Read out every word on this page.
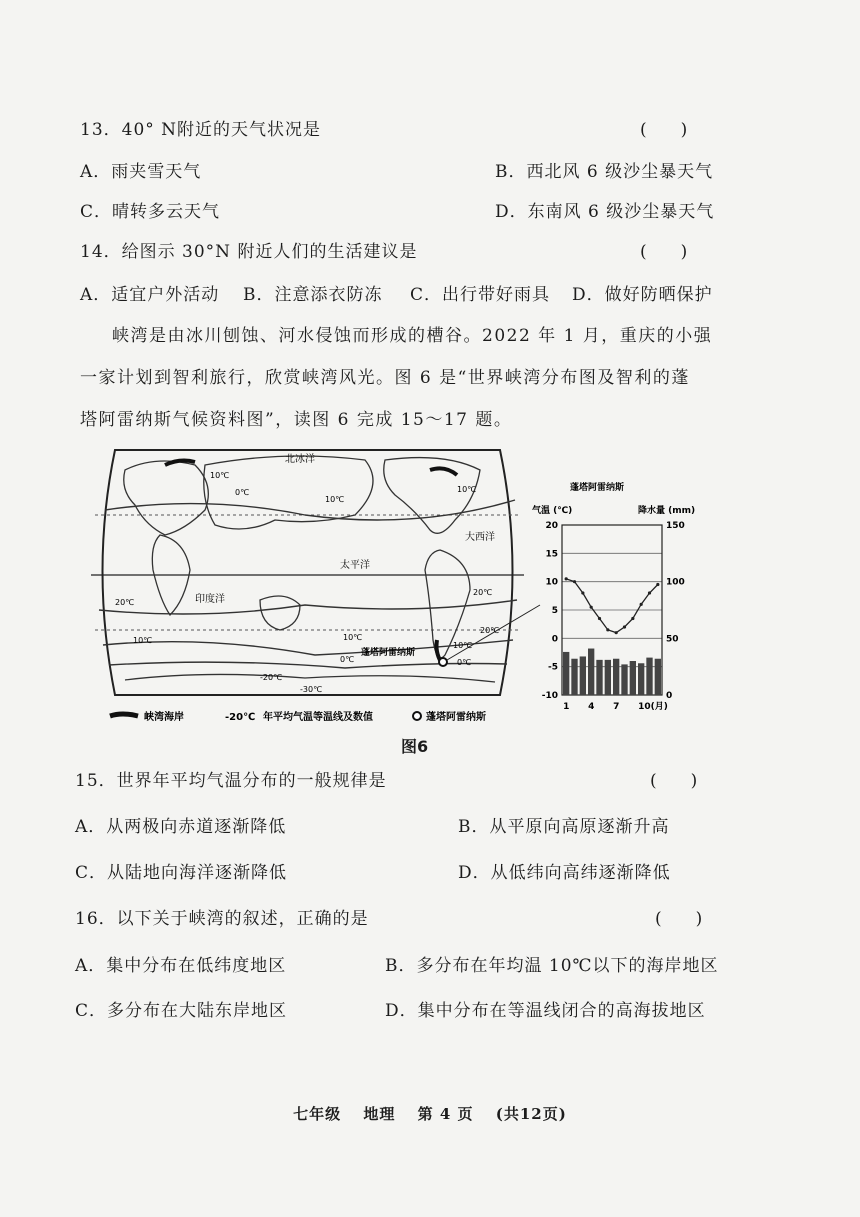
13．40° N附近的天气状况是	(　　)
A．雨夹雪天气	B．西北风 6 级沙尘暴天气
C．晴转多云天气	D．东南风 6 级沙尘暴天气
14．给图示 30°N 附近人们的生活建议是	(　　)
A．适宜户外活动 B．注意添衣防冻 C．出行带好雨具 D．做好防晒保护
峡湾是由冰川刨蚀、河水侵蚀而形成的槽谷。2022 年 1 月，重庆的小强
一家计划到智利旅行，欣赏峡湾风光。图 6 是“世界峡湾分布图及智利的蓬
塔阿雷纳斯气候资料图”，读图 6 完成 15～17 题。
北冰洋
太平洋
大西洋
印度洋
蓬塔阿雷纳斯
10℃
0℃
10℃
10℃
20℃
10℃
20℃
10℃
0℃
10℃
0℃
20℃
-20℃
-30℃
蓬塔阿雷纳斯
气温 (℃)	降水量 (mm)
20
15
10
5
0
-5
-10
150
100
50
0
1 4 7 10(月)
峡湾海岸	-20℃ 年平均气温等温线及数值	蓬塔阿雷纳斯
图6
15．世界年平均气温分布的一般规律是	(　　)
A．从两极向赤道逐渐降低	B．从平原向高原逐渐升高
C．从陆地向海洋逐渐降低	D．从低纬向高纬逐渐降低
16．以下关于峡湾的叙述，正确的是	(　　)
A．集中分布在低纬度地区	B．多分布在年均温 10℃以下的海岸地区
C．多分布在大陆东岸地区	D．集中分布在等温线闭合的高海拔地区
七年级 地理 第 4 页 (共12页)
